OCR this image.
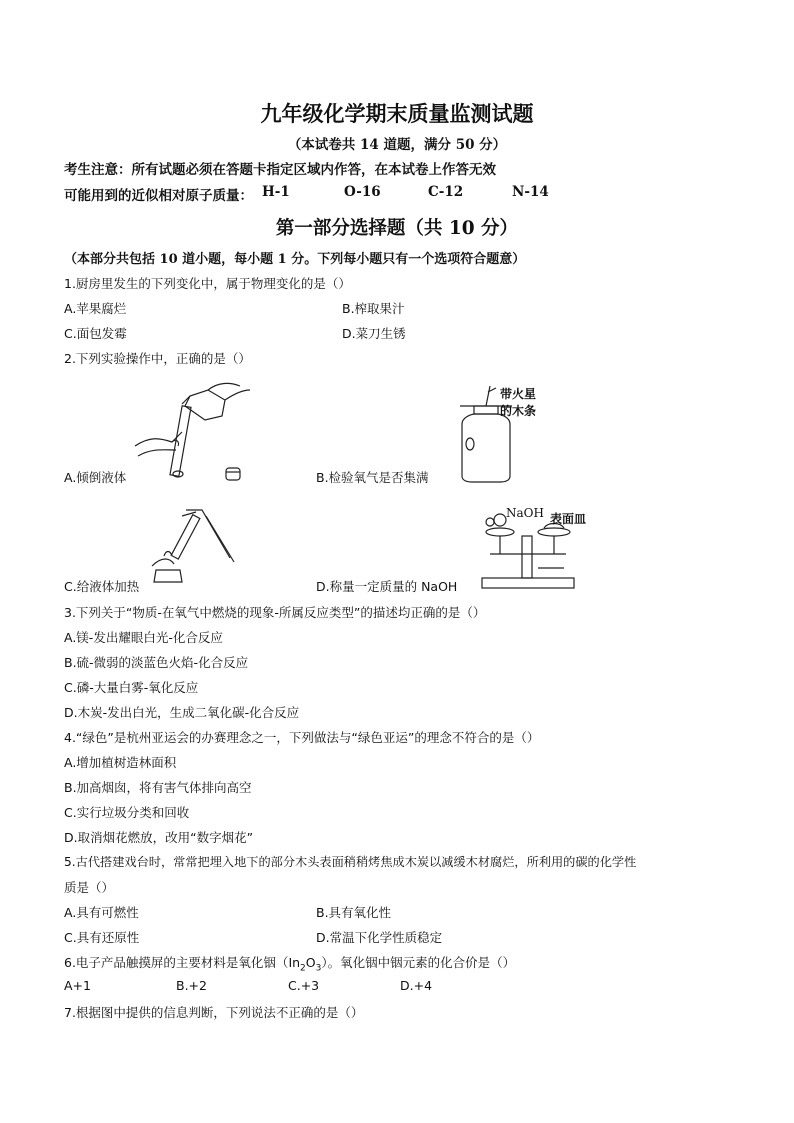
九年级化学期末质量监测试题
（本试卷共 14 道题，满分 50 分）
考生注意：所有试题必须在答题卡指定区域内作答，在本试卷上作答无效
可能用到的近似相对原子质量： H-1	O-16	C-12	N-14
第一部分选择题（共 10 分）
（本部分共包括 10 道小题，每小题 1 分。下列每小题只有一个选项符合题意）
1.厨房里发生的下列变化中，属于物理变化的是（）
A.苹果腐烂	B.榨取果汁
C.面包发霉	D.菜刀生锈
2.下列实验操作中，正确的是（）
A.倾倒液体
带火星
的木条
B.检验氧气是否集满
C.给液体加热
NaOH 表面皿
D.称量一定质量的 NaOH
3.下列关于“物质-在氧气中燃烧的现象-所属反应类型”的描述均正确的是（）
A.镁-发出耀眼白光-化合反应
B.硫-微弱的淡蓝色火焰-化合反应
C.磷-大量白雾-氧化反应
D.木炭-发出白光，生成二氧化碳-化合反应
4.“绿色”是杭州亚运会的办赛理念之一，下列做法与“绿色亚运”的理念不符合的是（）
A.增加植树造林面积
B.加高烟囱，将有害气体排向高空
C.实行垃圾分类和回收
D.取消烟花燃放，改用“数字烟花”
5.古代搭建戏台时，常常把埋入地下的部分木头表面稍稍烤焦成木炭以减缓木材腐烂，所利用的碳的化学性
质是（）
A.具有可燃性	B.具有氧化性
C.具有还原性	D.常温下化学性质稳定
6.电子产品触摸屏的主要材料是氧化铟$(In_2O_3)$。氧化铟中铟元素的化合价是（）
A+1	B.+2	C.+3	D.+4
7.根据图中提供的信息判断，下列说法不正确的是（）
